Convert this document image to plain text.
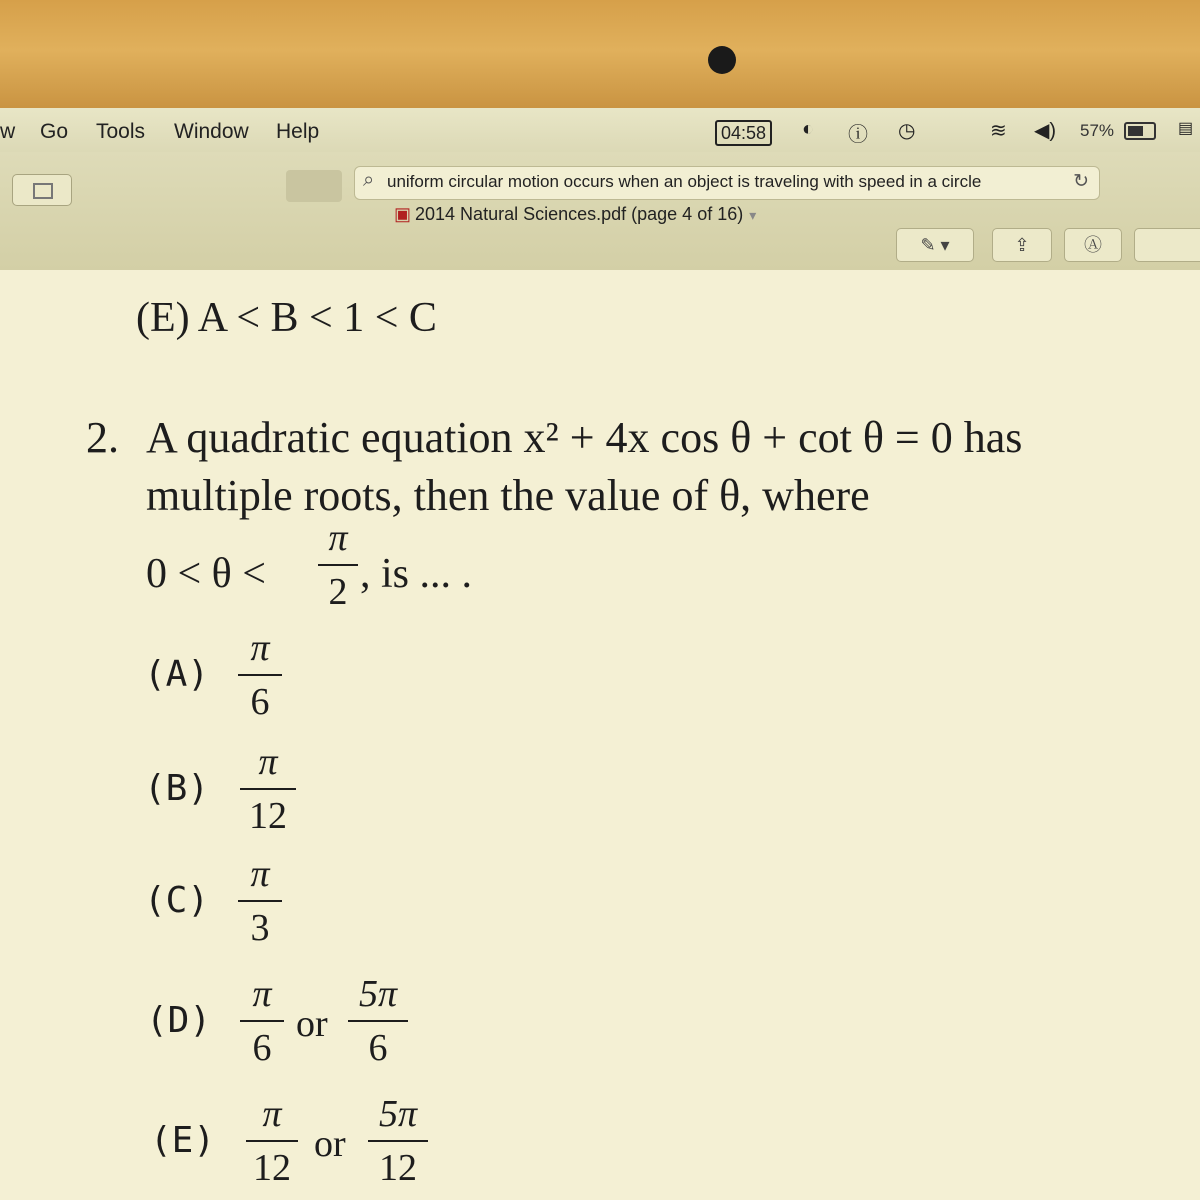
w Go Tools Window Help	04:58	◐ ⓘ ◷	≋ ◀) 57%	▤
⌕ uniform circular motion occurs when an object is traveling with speed in a circle	↻
▣ 2014 Natural Sciences.pdf (page 4 of 16) ▾
✎ ▾	⇪	Ⓐ
(E) A < B < 1 < C
2. A quadratic equation x² + 4x cos θ + cot θ = 0 has
multiple roots, then the value of θ, where
0 < θ <
π
2 , is ... .
(A)
π
6
(B)
π
12
(C)
π
3
(D)
π
6
or
5π
6
(E)
π
12
or
5π
12
